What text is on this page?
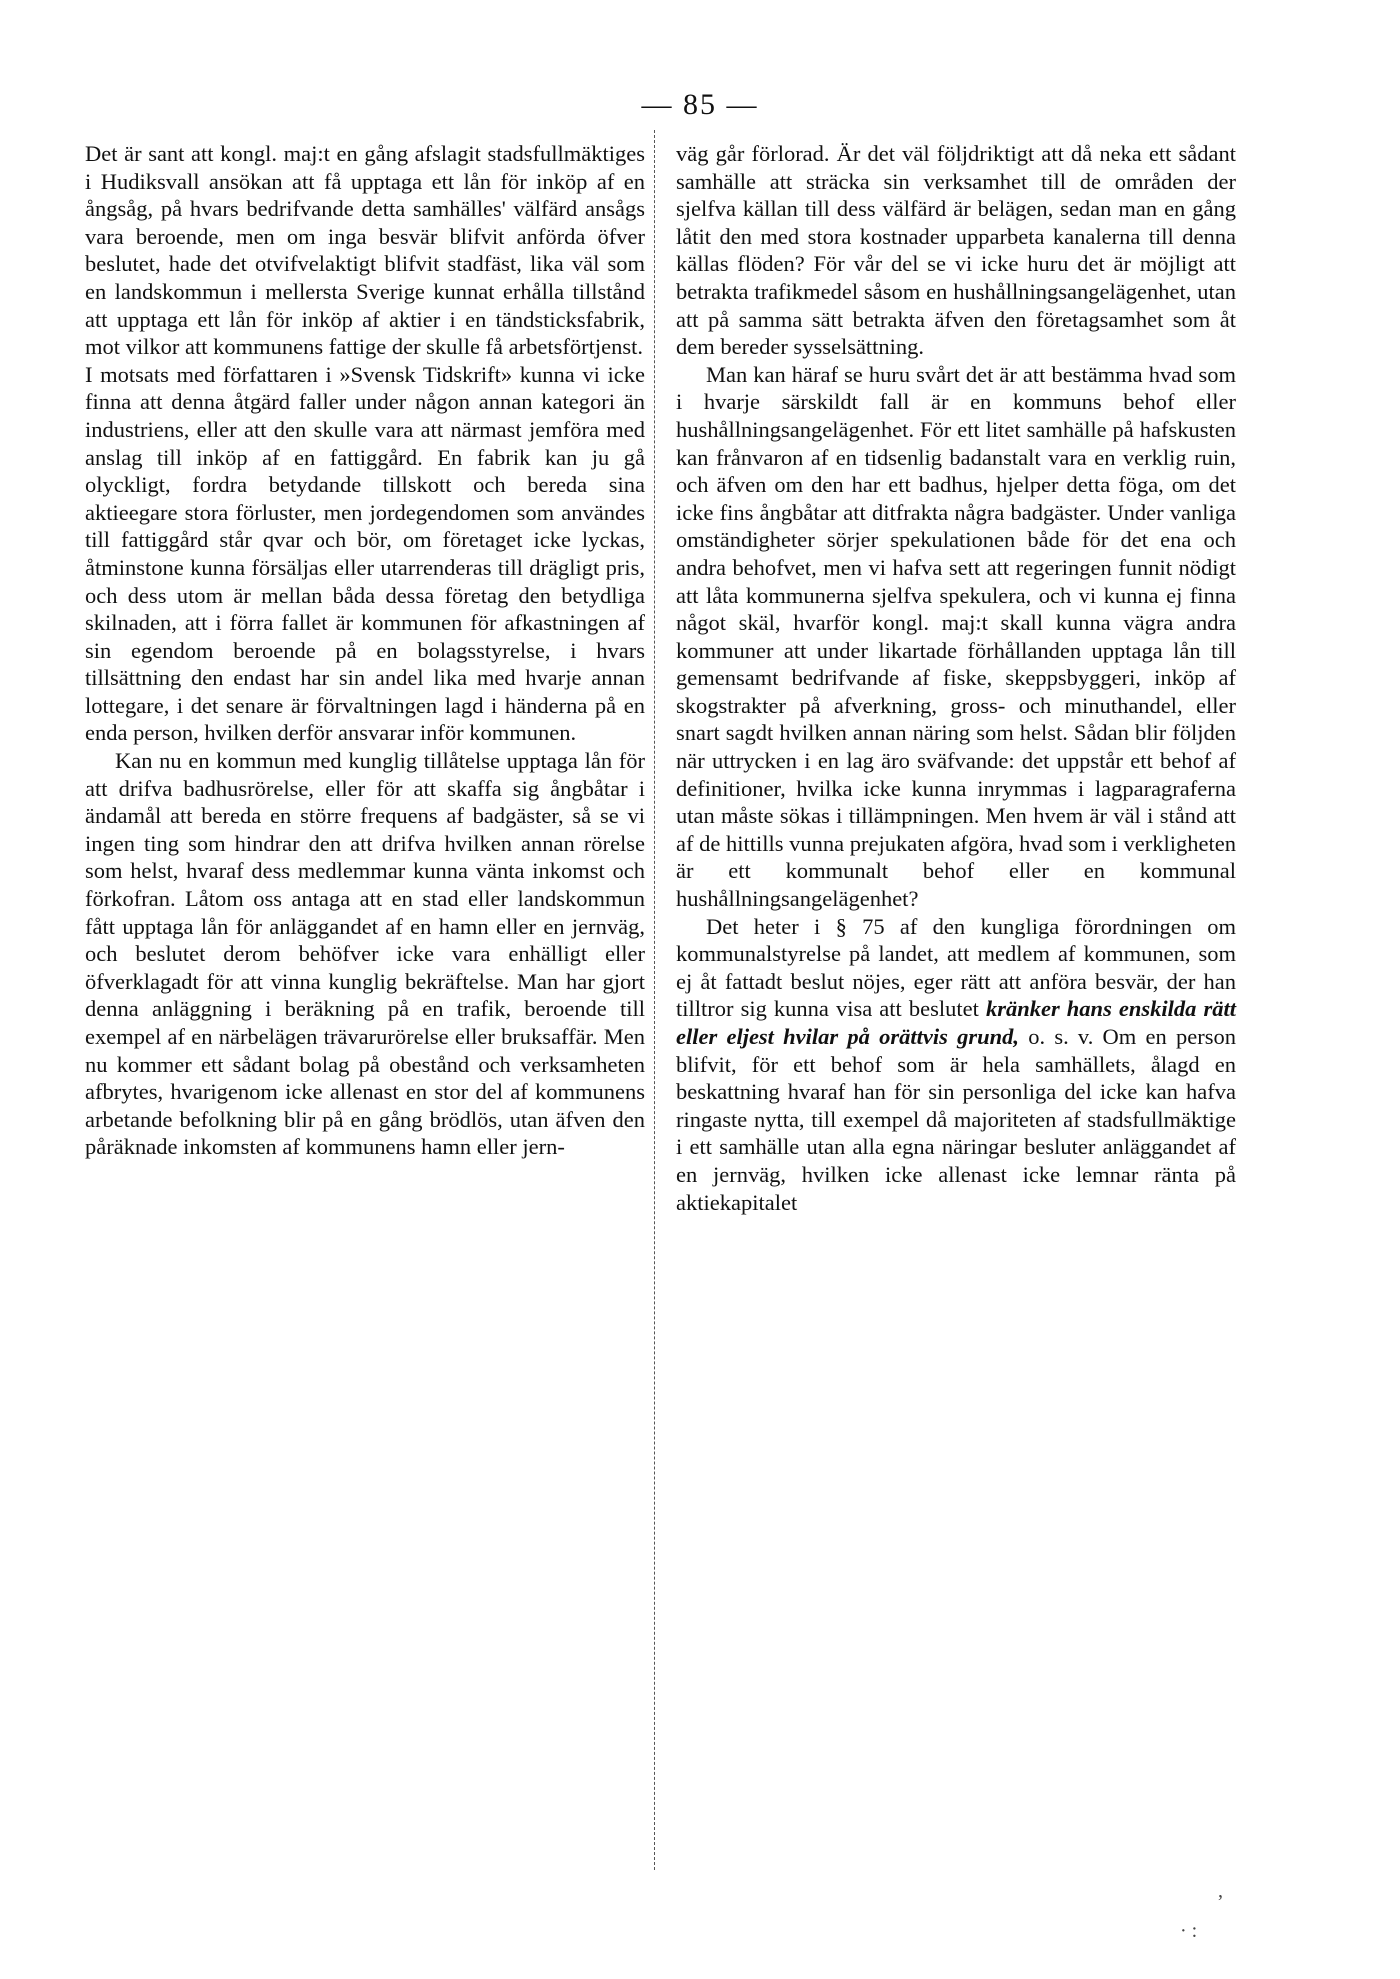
— 85 —

Det är sant att kongl. maj:t en gång afslagit stadsfullmäktiges i Hudiksvall ansökan att få upptaga ett lån för inköp af en ångsåg, på hvars bedrifvande detta samhälles' välfärd ansågs vara beroende, men om inga besvär blifvit anförda öfver beslutet, hade det otvifvelaktigt blifvit stadfäst, lika väl som en landskommun i mellersta Sverige kunnat erhålla tillstånd att upptaga ett lån för inköp af aktier i en tändsticksfabrik, mot vilkor att kommunens fattige der skulle få arbetsförtjenst.

I motsats med författaren i »Svensk Tidskrift» kunna vi icke finna att denna åtgärd faller under någon annan kategori än industriens, eller att den skulle vara att närmast jemföra med anslag till inköp af en fattiggård. En fabrik kan ju gå olyckligt, fordra betydande tillskott och bereda sina aktieegare stora förluster, men jordegendomen som användes till fattiggård står qvar och bör, om företaget icke lyckas, åtminstone kunna försäljas eller utarrenderas till drägligt pris, och dess utom är mellan båda dessa företag den betydliga skilnaden, att i förra fallet är kommunen för afkastningen af sin egendom beroende på en bolagsstyrelse, i hvars tillsättning den endast har sin andel lika med hvarje annan lottegare, i det senare är förvaltningen lagd i händerna på en enda person, hvilken derför ansvarar inför kommunen.

Kan nu en kommun med kunglig tillåtelse upptaga lån för att drifva badhusrörelse, eller för att skaffa sig ångbåtar i ändamål att bereda en större frequens af badgäster, så se vi ingen ting som hindrar den att drifva hvilken annan rörelse som helst, hvaraf dess medlemmar kunna vänta inkomst och förkofran. Låtom oss antaga att en stad eller landskommun fått upptaga lån för anläggandet af en hamn eller en jernväg, och beslutet derom behöfver icke vara enhälligt eller öfverklagadt för att vinna kunglig bekräftelse. Man har gjort denna anläggning i beräkning på en trafik, beroende till exempel af en närbelägen trävarurörelse eller bruksaffär. Men nu kommer ett sådant bolag på obestånd och verksamheten afbrytes, hvarigenom icke allenast en stor del af kommunens arbetande befolkning blir på en gång brödlös, utan äfven den påräknade inkomsten af kommunens hamn eller jern-

väg går förlorad. Är det väl följdriktigt att då neka ett sådant samhälle att sträcka sin verksamhet till de områden der sjelfva källan till dess välfärd är belägen, sedan man en gång låtit den med stora kostnader upparbeta kanalerna till denna källas flöden? För vår del se vi icke huru det är möjligt att betrakta trafikmedel såsom en hushållningsangelägenhet, utan att på samma sätt betrakta äfven den företagsamhet som åt dem bereder sysselsättning.

Man kan häraf se huru svårt det är att bestämma hvad som i hvarje särskildt fall är en kommuns behof eller hushållningsangelägenhet. För ett litet samhälle på hafskusten kan frånvaron af en tidsenlig badanstalt vara en verklig ruin, och äfven om den har ett badhus, hjelper detta föga, om det icke fins ångbåtar att ditfrakta några badgäster. Under vanliga omständigheter sörjer spekulationen både för det ena och andra behofvet, men vi hafva sett att regeringen funnit nödigt att låta kommunerna sjelfva spekulera, och vi kunna ej finna något skäl, hvarför kongl. maj:t skall kunna vägra andra kommuner att under likartade förhållanden upptaga lån till gemensamt bedrifvande af fiske, skeppsbyggeri, inköp af skogstrakter på afverkning, gross- och minuthandel, eller snart sagdt hvilken annan näring som helst. Sådan blir följden när uttrycken i en lag äro sväfvande: det uppstår ett behof af definitioner, hvilka icke kunna inrymmas i lagparagraferna utan måste sökas i tillämpningen. Men hvem är väl i stånd att af de hittills vunna prejukaten afgöra, hvad som i verkligheten är ett kommunalt behof eller en kommunal hushållningsangelägenhet?

Det heter i § 75 af den kungliga förordningen om kommunalstyrelse på landet, att medlem af kommunen, som ej åt fattadt beslut nöjes, eger rätt att anföra besvär, der han tilltror sig kunna visa att beslutet kränker hans enskilda rätt eller eljest hvilar på orättvis grund, o. s. v. Om en person blifvit, för ett behof som är hela samhällets, ålagd en beskattning hvaraf han för sin personliga del icke kan hafva ringaste nytta, till exempel då majoriteten af stadsfullmäktige i ett samhälle utan alla egna näringar besluter anläggandet af en jernväg, hvilken icke allenast icke lemnar ränta på aktiekapitalet

,
· :
